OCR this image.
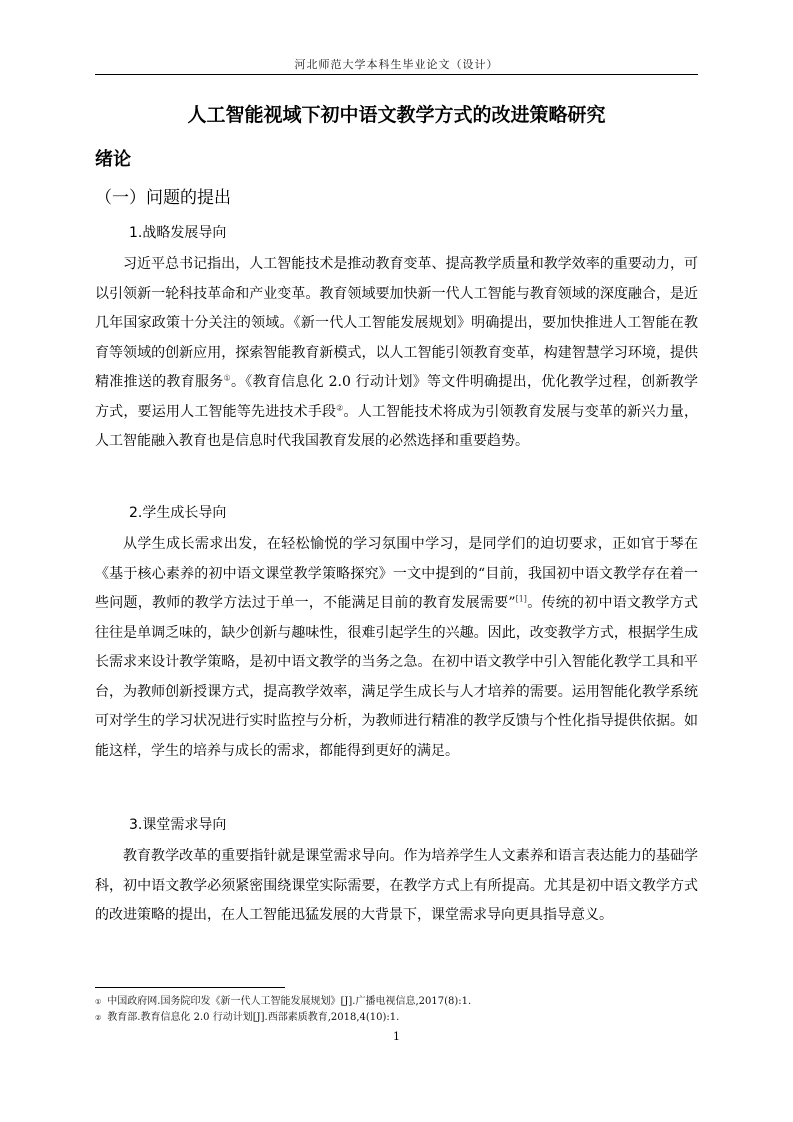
河北师范大学本科生毕业论文（设计）
人工智能视域下初中语文教学方式的改进策略研究
绪论
（一）问题的提出
1.战略发展导向

习近平总书记指出，人工智能技术是推动教育变革、提高教学质量和教学效率的重要动力，可以引领新一轮科技革命和产业变革。教育领域要加快新一代人工智能与教育领域的深度融合，是近几年国家政策十分关注的领域。《新一代人工智能发展规划》明确提出，要加快推进人工智能在教育等领域的创新应用，探索智能教育新模式，以人工智能引领教育变革，构建智慧学习环境，提供精准推送的教育服务①。《教育信息化 2.0 行动计划》等文件明确提出，优化教学过程，创新教学方式，要运用人工智能等先进技术手段②。人工智能技术将成为引领教育发展与变革的新兴力量，人工智能融入教育也是信息时代我国教育发展的必然选择和重要趋势。

2.学生成长导向

从学生成长需求出发，在轻松愉悦的学习氛围中学习，是同学们的迫切要求，正如官于琴在《基于核心素养的初中语文课堂教学策略探究》一文中提到的“目前，我国初中语文教学存在着一些问题，教师的教学方法过于单一，不能满足目前的教育发展需要”[1]。传统的初中语文教学方式往往是单调乏味的，缺少创新与趣味性，很难引起学生的兴趣。因此，改变教学方式，根据学生成长需求来设计教学策略，是初中语文教学的当务之急。在初中语文教学中引入智能化教学工具和平台，为教师创新授课方式，提高教学效率，满足学生成长与人才培养的需要。运用智能化教学系统可对学生的学习状况进行实时监控与分析，为教师进行精准的教学反馈与个性化指导提供依据。如能这样，学生的培养与成长的需求，都能得到更好的满足。

3.课堂需求导向

教育教学改革的重要指针就是课堂需求导向。作为培养学生人文素养和语言表达能力的基础学科，初中语文教学必须紧密围绕课堂实际需要，在教学方式上有所提高。尤其是初中语文教学方式的改进策略的提出，在人工智能迅猛发展的大背景下，课堂需求导向更具指导意义。

① 中国政府网.国务院印发《新一代人工智能发展规划》[J].广播电视信息,2017(8):1.
② 教育部.教育信息化 2.0 行动计划[J].西部素质教育,2018,4(10):1.
1
